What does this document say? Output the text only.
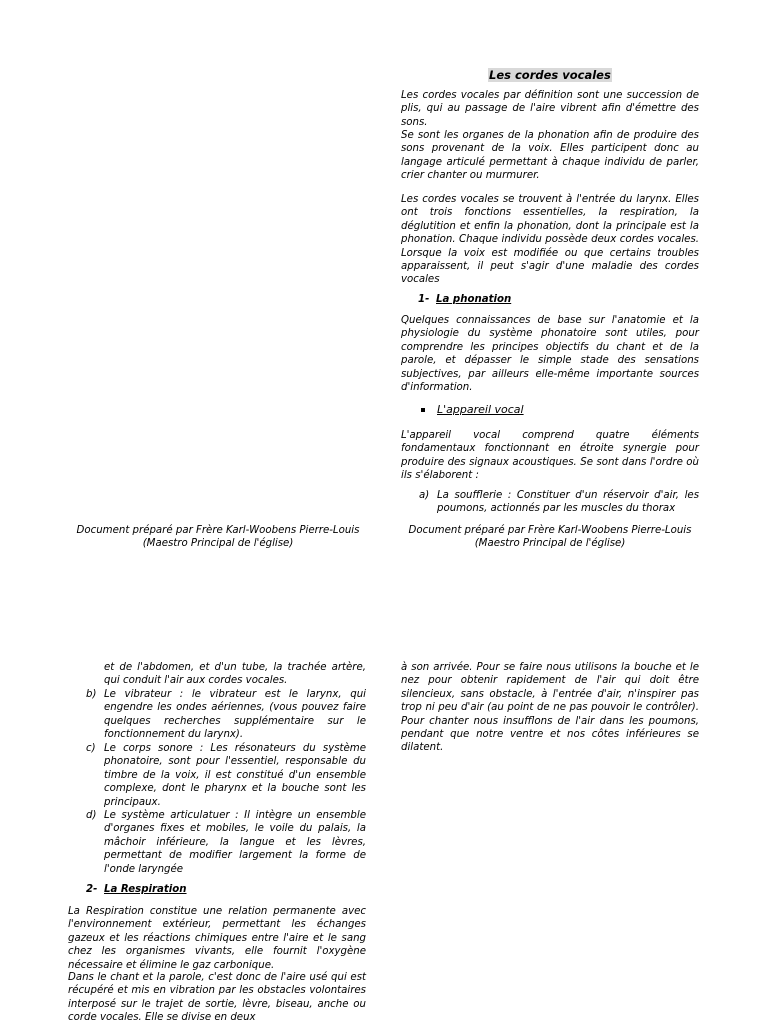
Les cordes vocales
Les cordes vocales par définition sont une succession de plis, qui au passage de l'aire vibrent afin d'émettre des sons.
Se sont les organes de la phonation afin de produire des sons provenant de la voix. Elles participent donc au langage articulé permettant à chaque individu de parler, crier chanter ou murmurer.
Les cordes vocales se trouvent à l'entrée du larynx. Elles ont trois fonctions essentielles, la respiration, la déglutition et enfin la phonation, dont la principale est la phonation. Chaque individu possède deux cordes vocales. Lorsque la voix est modifiée ou que certains troubles apparaissent, il peut s'agir d'une maladie des cordes vocales
1- La phonation
Quelques connaissances de base sur l'anatomie et la physiologie du système phonatoire sont utiles, pour comprendre les principes objectifs du chant et de la parole, et dépasser le simple stade des sensations subjectives, par ailleurs elle-même importante sources d'information.
L'appareil vocal
L'appareil vocal comprend quatre éléments fondamentaux fonctionnant en étroite synergie pour produire des signaux acoustiques. Se sont dans l'ordre où ils s'élaborent :
a) La soufflerie : Constituer d'un réservoir d'air, les poumons, actionnés par les muscles du thorax
Document préparé par Frère Karl-Woobens Pierre-Louis
(Maestro Principal de l'église)
Document préparé par Frère Karl-Woobens Pierre-Louis
(Maestro Principal de l'église)
et de l'abdomen, et d'un tube, la trachée artère, qui conduit l'air aux cordes vocales.
b) Le vibrateur : le vibrateur est le larynx, qui engendre les ondes aériennes, (vous pouvez faire quelques recherches supplémentaire sur le fonctionnement du larynx).
c) Le corps sonore : Les résonateurs du système phonatoire, sont pour l'essentiel, responsable du timbre de la voix, il est constitué d'un ensemble complexe, dont le pharynx et la bouche sont les principaux.
d) Le système articulatuer : Il intègre un ensemble d'organes fixes et mobiles, le voile du palais, la mâchoir inférieure, la langue et les lèvres, permettant de modifier largement la forme de l'onde laryngée
2- La Respiration
La Respiration constitue une relation permanente avec l'environnement extérieur, permettant les échanges gazeux et les réactions chimiques entre l'aire et le sang chez les organismes vivants, elle fournit l'oxygène nécessaire et élimine le gaz carbonique.
Dans le chant et la parole, c'est donc de l'aire usé qui est récupéré et mis en vibration par les obstacles volontaires interposé sur le trajet de sortie, lèvre, biseau, anche ou corde vocales. Elle se divise en deux
à son arrivée. Pour se faire nous utilisons la bouche et le nez pour obtenir rapidement de l'air qui doit être silencieux, sans obstacle, à l'entrée d'air, n'inspirer pas trop ni peu d'air (au point de ne pas pouvoir le contrôler). Pour chanter nous insufflons de l'air dans les poumons, pendant que notre ventre et nos côtes inférieures se dilatent.
